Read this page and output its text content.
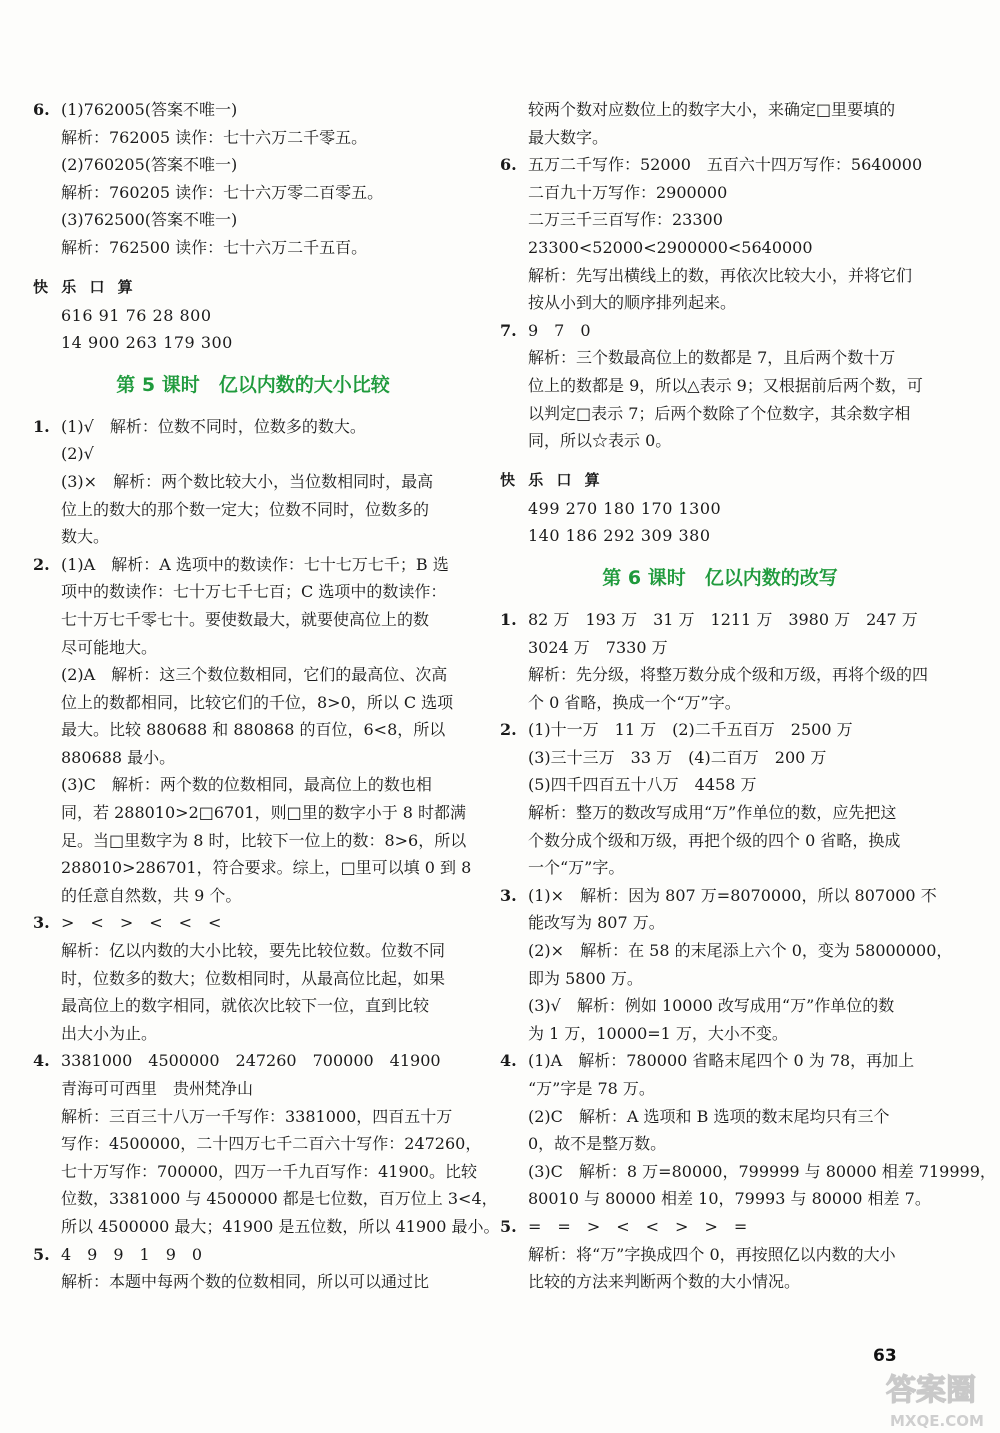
6. (1)762005(答案不唯一)
解析：762005 读作：七十六万二千零五。
(2)760205(答案不唯一)
解析：760205 读作：七十六万零二百零五。
(3)762500(答案不唯一)
解析：762500 读作：七十六万二千五百。
快 乐 口 算
616 91 76 28 800
14 900 263 179 300
第 5 课时　亿以内数的大小比较
1. (1)√　解析：位数不同时，位数多的数大。
(2)√
(3)×　解析：两个数比较大小，当位数相同时，最高
位上的数大的那个数一定大；位数不同时，位数多的
数大。
2. (1)A　解析：A 选项中的数读作：七十七万七千；B 选
项中的数读作：七十万七千七百；C 选项中的数读作：
七十万七千零七十。要使数最大，就要使高位上的数
尽可能地大。
(2)A　解析：这三个数位数相同，它们的最高位、次高
位上的数都相同，比较它们的千位，8>0，所以 C 选项
最大。比较 880688 和 880868 的百位，6<8，所以
880688 最小。
(3)C　解析：两个数的位数相同，最高位上的数也相
同，若 288010>2□6701，则□里的数字小于 8 时都满
足。当□里数字为 8 时，比较下一位上的数：8>6，所以
288010>286701，符合要求。综上，□里可以填 0 到 8
的任意自然数，共 9 个。
3. >　<　>　<　<　<
解析：亿以内数的大小比较，要先比较位数。位数不同
时，位数多的数大；位数相同时，从最高位比起，如果
最高位上的数字相同，就依次比较下一位，直到比较
出大小为止。
4. 3381000　4500000　247260　700000　41900
青海可可西里　贵州梵净山
解析：三百三十八万一千写作：3381000，四百五十万
写作：4500000，二十四万七千二百六十写作：247260，
七十万写作：700000，四万一千九百写作：41900。比较
位数，3381000 与 4500000 都是七位数，百万位上 3<4，
所以 4500000 最大；41900 是五位数，所以 41900 最小。
5. 4　9　9　1　9　0
解析：本题中每两个数的位数相同，所以可以通过比
较两个数对应数位上的数字大小，来确定□里要填的
最大数字。
6. 五万二千写作：52000　五百六十四万写作：5640000
二百九十万写作：2900000
二万三千三百写作：23300
23300<52000<2900000<5640000
解析：先写出横线上的数，再依次比较大小，并将它们
按从小到大的顺序排列起来。
7. 9　7　0
解析：三个数最高位上的数都是 7，且后两个数十万
位上的数都是 9，所以△表示 9；又根据前后两个数，可
以判定□表示 7；后两个数除了个位数字，其余数字相
同，所以☆表示 0。
快 乐 口 算
499 270 180 170 1300
140 186 292 309 380
第 6 课时　亿以内数的改写
1. 82 万　193 万　31 万　1211 万　3980 万　247 万
3024 万　7330 万
解析：先分级，将整万数分成个级和万级，再将个级的四
个 0 省略，换成一个“万”字。
2. (1)十一万　11 万　(2)二千五百万　2500 万
(3)三十三万　33 万　(4)二百万　200 万
(5)四千四百五十八万　4458 万
解析：整万的数改写成用“万”作单位的数，应先把这
个数分成个级和万级，再把个级的四个 0 省略，换成
一个“万”字。
3. (1)×　解析：因为 807 万=8070000，所以 807000 不
能改写为 807 万。
(2)×　解析：在 58 的末尾添上六个 0，变为 58000000，
即为 5800 万。
(3)√　解析：例如 10000 改写成用“万”作单位的数
为 1 万，10000=1 万，大小不变。
4. (1)A　解析：780000 省略末尾四个 0 为 78，再加上
“万”字是 78 万。
(2)C　解析：A 选项和 B 选项的数末尾均只有三个
0，故不是整万数。
(3)C　解析：8 万=80000，799999 与 80000 相差 719999，
80010 与 80000 相差 10，79993 与 80000 相差 7。
5. =　=　>　<　<　>　>　=
解析：将“万”字换成四个 0，再按照亿以内数的大小
比较的方法来判断两个数的大小情况。
63
答案圈
MXQE.COM
